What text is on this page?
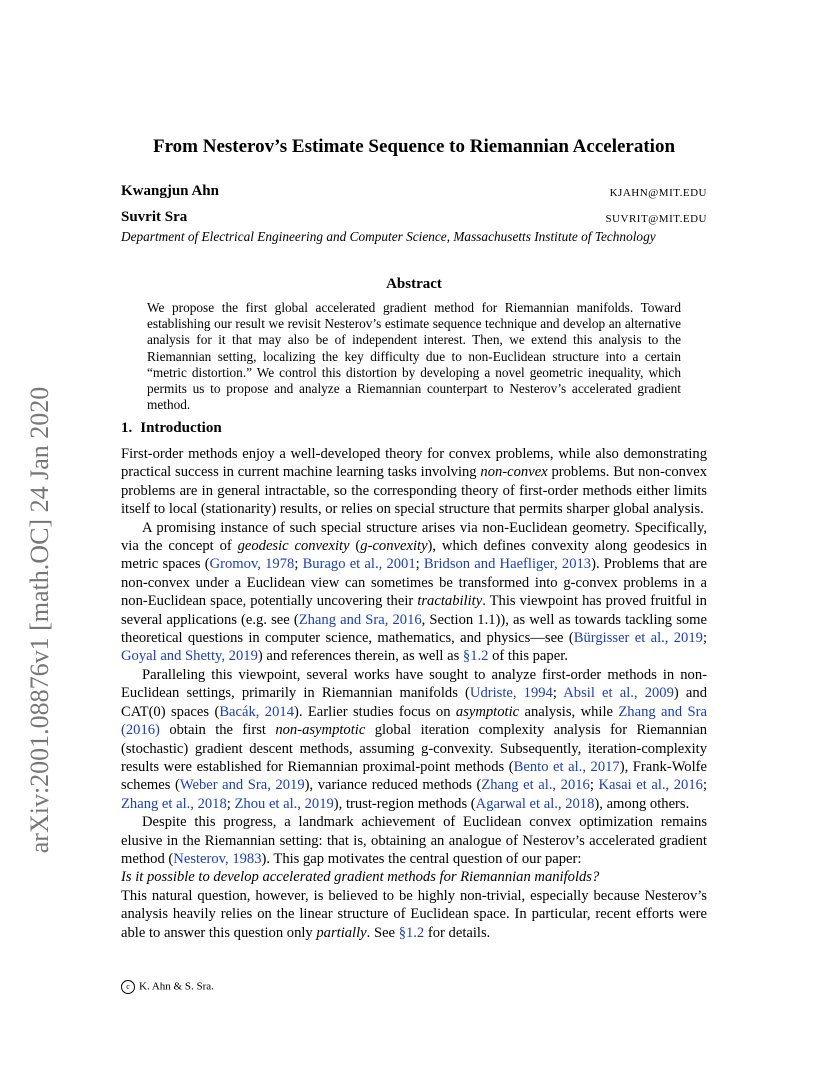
arXiv:2001.08876v1 [math.OC] 24 Jan 2020
From Nesterov’s Estimate Sequence to Riemannian Acceleration
Kwangjun Ahn	KJAHN@MIT.EDU
Suvrit Sra	SUVRIT@MIT.EDU
Department of Electrical Engineering and Computer Science, Massachusetts Institute of Technology
Abstract
We propose the first global accelerated gradient method for Riemannian manifolds. Toward establishing our result we revisit Nesterov’s estimate sequence technique and develop an alternative analysis for it that may also be of independent interest. Then, we extend this analysis to the Riemannian setting, localizing the key difficulty due to non-Euclidean structure into a certain “metric distortion.” We control this distortion by developing a novel geometric inequality, which permits us to propose and analyze a Riemannian counterpart to Nesterov’s accelerated gradient method.
1. Introduction

First-order methods enjoy a well-developed theory for convex problems, while also demonstrating practical success in current machine learning tasks involving non-convex problems. But non-convex problems are in general intractable, so the corresponding theory of first-order methods either limits itself to local (stationarity) results, or relies on special structure that permits sharper global analysis.

A promising instance of such special structure arises via non-Euclidean geometry. Specifically, via the concept of geodesic convexity (g-convexity), which defines convexity along geodesics in metric spaces (Gromov, 1978; Burago et al., 2001; Bridson and Haefliger, 2013). Problems that are non-convex under a Euclidean view can sometimes be transformed into g-convex problems in a non-Euclidean space, potentially uncovering their tractability. This viewpoint has proved fruitful in several applications (e.g. see (Zhang and Sra, 2016, Section 1.1)), as well as towards tackling some theoretical questions in computer science, mathematics, and physics—see (Bürgisser et al., 2019; Goyal and Shetty, 2019) and references therein, as well as §1.2 of this paper.

Paralleling this viewpoint, several works have sought to analyze first-order methods in non-Euclidean settings, primarily in Riemannian manifolds (Udriste, 1994; Absil et al., 2009) and CAT(0) spaces (Bacák, 2014). Earlier studies focus on asymptotic analysis, while Zhang and Sra (2016) obtain the first non-asymptotic global iteration complexity analysis for Riemannian (stochastic) gradient descent methods, assuming g-convexity. Subsequently, iteration-complexity results were established for Riemannian proximal-point methods (Bento et al., 2017), Frank-Wolfe schemes (Weber and Sra, 2019), variance reduced methods (Zhang et al., 2016; Kasai et al., 2016; Zhang et al., 2018; Zhou et al., 2019), trust-region methods (Agarwal et al., 2018), among others.

Despite this progress, a landmark achievement of Euclidean convex optimization remains elusive in the Riemannian setting: that is, obtaining an analogue of Nesterov’s accelerated gradient method (Nesterov, 1983). This gap motivates the central question of our paper:

Is it possible to develop accelerated gradient methods for Riemannian manifolds?

This natural question, however, is believed to be highly non-trivial, especially because Nesterov’s analysis heavily relies on the linear structure of Euclidean space. In particular, recent efforts were able to answer this question only partially. See §1.2 for details.

c K. Ahn & S. Sra.
